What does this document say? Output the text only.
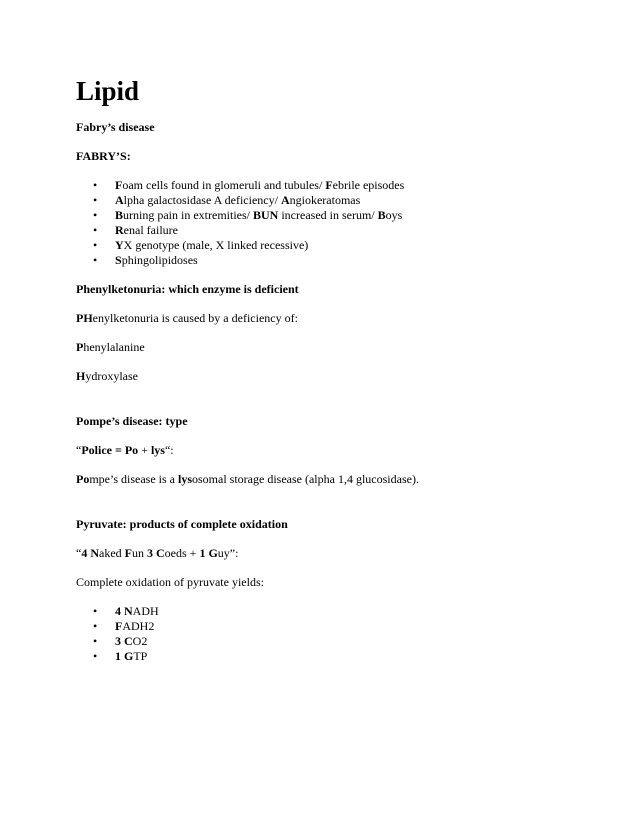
Lipid
Fabry’s disease
FABRY’S:
• Foam cells found in glomeruli and tubules/ Febrile episodes
• Alpha galactosidase A deficiency/ Angiokeratomas
• Burning pain in extremities/ BUN increased in serum/ Boys
• Renal failure
• YX genotype (male, X linked recessive)
• Sphingolipidoses
Phenylketonuria: which enzyme is deficient
PHenylketonuria is caused by a deficiency of:
Phenylalanine
Hydroxylase
Pompe’s disease: type
“Police = Po + lys“:
Pompe’s disease is a lysosomal storage disease (alpha 1,4 glucosidase).
Pyruvate: products of complete oxidation
“4 Naked Fun 3 Coeds + 1 Guy”:
Complete oxidation of pyruvate yields:
• 4 NADH
• FADH2
• 3 CO2
• 1 GTP
